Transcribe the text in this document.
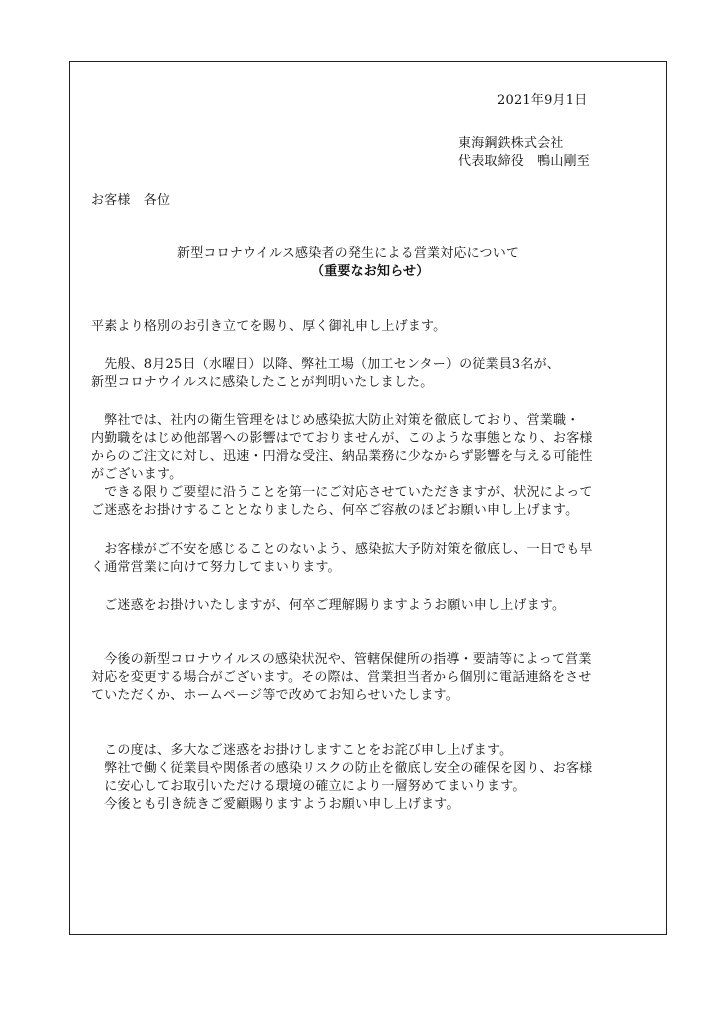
2021年9月1日
東海鋼鉄株式会社
代表取締役　鴨山剛至
お客様　各位
新型コロナウイルス感染者の発生による営業対応について
（重要なお知らせ）
平素より格別のお引き立てを賜り、厚く御礼申し上げます。
　先般、8月25日（水曜日）以降、弊社工場（加工センター）の従業員3名が、
新型コロナウイルスに感染したことが判明いたしました。
　弊社では、社内の衛生管理をはじめ感染拡大防止対策を徹底しており、営業職・
内勤職をはじめ他部署への影響はでておりませんが、このような事態となり、お客様
からのご注文に対し、迅速・円滑な受注、納品業務に少なからず影響を与える可能性
がございます。
　できる限りご要望に沿うことを第一にご対応させていただきますが、状況によって
ご迷惑をお掛けすることとなりましたら、何卒ご容赦のほどお願い申し上げます。
　お客様がご不安を感じることのないよう、感染拡大予防対策を徹底し、一日でも早
く通常営業に向けて努力してまいります。
　ご迷惑をお掛けいたしますが、何卒ご理解賜りますようお願い申し上げます。
　今後の新型コロナウイルスの感染状況や、管轄保健所の指導・要請等によって営業
対応を変更する場合がございます。その際は、営業担当者から個別に電話連絡をさせ
ていただくか、ホームページ等で改めてお知らせいたします。
　この度は、多大なご迷惑をお掛けしますことをお詫び申し上げます。
　弊社で働く従業員や関係者の感染リスクの防止を徹底し安全の確保を図り、お客様
　に安心してお取引いただける環境の確立により一層努めてまいります。
　今後とも引き続きご愛顧賜りますようお願い申し上げます。
